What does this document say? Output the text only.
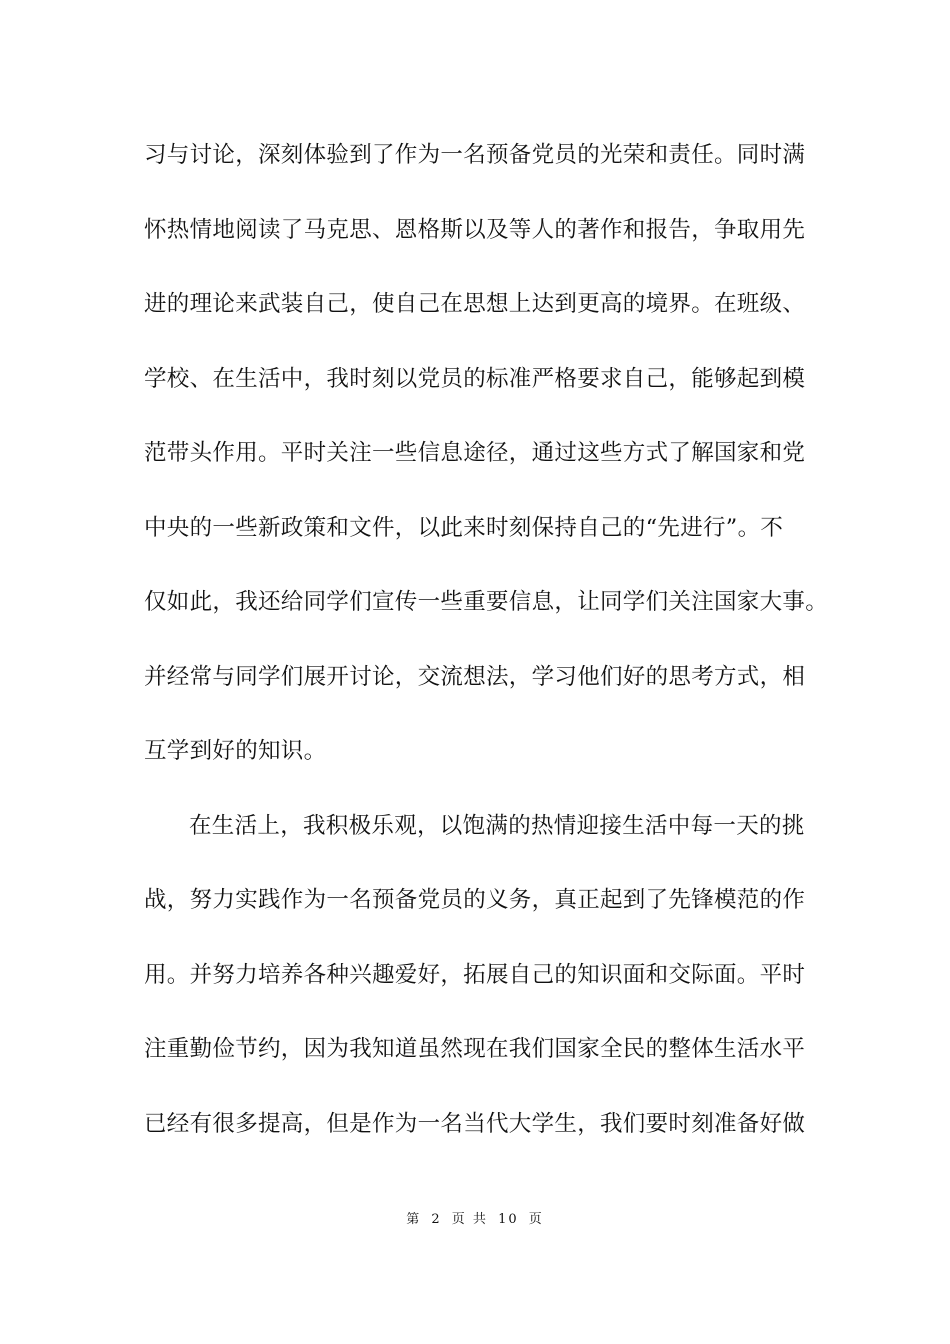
习与讨论，深刻体验到了作为一名预备党员的光荣和责任。同时满
怀热情地阅读了马克思、恩格斯以及等人的著作和报告，争取用先
进的理论来武装自己，使自己在思想上达到更高的境界。在班级、
学校、在生活中，我时刻以党员的标准严格要求自己，能够起到模
范带头作用。平时关注一些信息途径，通过这些方式了解国家和党
中央的一些新政策和文件，以此来时刻保持自己的“先进行”。不
仅如此，我还给同学们宣传一些重要信息，让同学们关注国家大事。
并经常与同学们展开讨论，交流想法，学习他们好的思考方式，相
互学到好的知识。
在生活上，我积极乐观，以饱满的热情迎接生活中每一天的挑
战，努力实践作为一名预备党员的义务，真正起到了先锋模范的作
用。并努力培养各种兴趣爱好，拓展自己的知识面和交际面。平时
注重勤俭节约，因为我知道虽然现在我们国家全民的整体生活水平
已经有很多提高，但是作为一名当代大学生，我们要时刻准备好做
第 2 页 共 10 页
